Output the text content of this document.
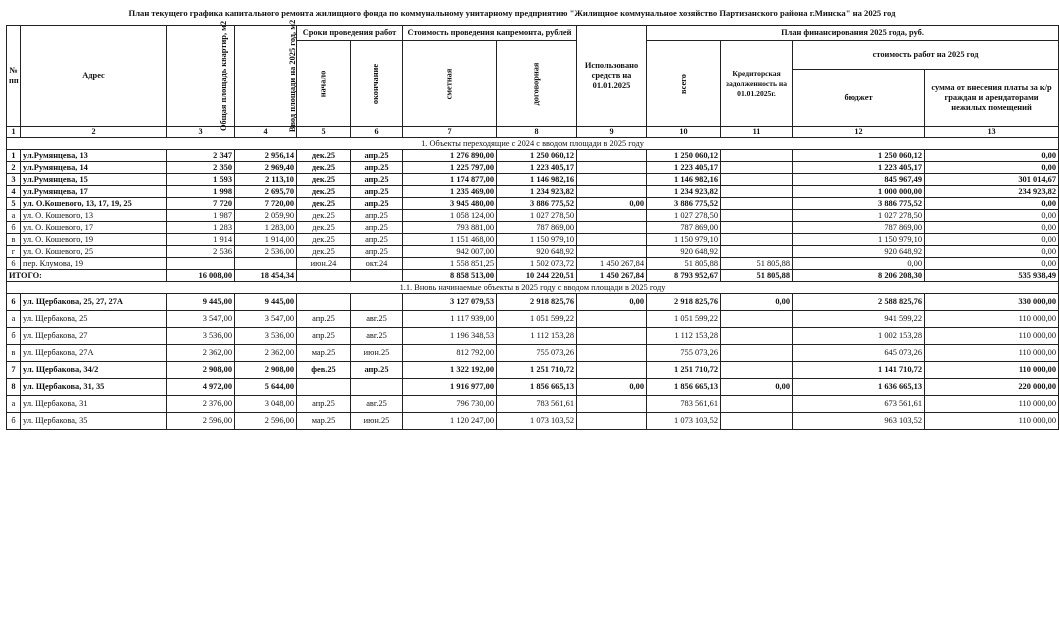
План текущего графика капитального ремонта жилищного фонда по коммунальному унитарному предприятию "Жилищное коммунальное хозяйство Партизанского района г.Минска" на 2025 год
№ пп	Адрес	Общая площадь квартир, м2	Ввод площади на 2025 год, м2	Сроки проведения работ		Стоимость проведения капремонта, рублей		Использовано средств на 01.01.2025	План финансирования 2025 года, руб.			
				начало	окончание	сметная	договорная		всего	Кредиторская задолженность на 01.01.2025г.	стоимость работ на 2025 год	
											бюджет	сумма от внесения платы за к/р граждан и арендаторами нежилых помещений
1	2	3	4	5	6	7	8	9	10	11	12	13
1. Объекты переходящие с 2024 с вводом площади в 2025 году												
1	ул.Румянцева, 13	2 347	2 956,14	дек.25	апр.25	1 276 890,00	1 250 060,12		1 250 060,12		1 250 060,12	0,00
2	ул.Румянцева, 14	2 350	2 969,40	дек.25	апр.25	1 225 797,00	1 223 405,17		1 223 405,17		1 223 405,17	0,00
3	ул.Румянцева, 15	1 593	2 113,10	дек.25	апр.25	1 174 877,00	1 146 982,16		1 146 982,16		845 967,49	301 014,67
4	ул.Румянцева, 17	1 998	2 695,70	дек.25	апр.25	1 235 469,00	1 234 923,82		1 234 923,82		1 000 000,00	234 923,82
5	ул. О.Кошевого, 13, 17, 19, 25	7 720	7 720,00	дек.25	апр.25	3 945 480,00	3 886 775,52	0,00	3 886 775,52		3 886 775,52	0,00
а	ул. О. Кошевого, 13	1 987	2 059,90	дек.25	апр.25	1 058 124,00	1 027 278,50		1 027 278,50		1 027 278,50	0,00
б	ул. О. Кошевого, 17	1 283	1 283,00	дек.25	апр.25	793 881,00	787 869,00		787 869,00		787 869,00	0,00
в	ул. О. Кошевого, 19	1 914	1 914,00	дек.25	апр.25	1 151 468,00	1 150 979,10		1 150 979,10		1 150 979,10	0,00
г	ул. О. Кошевого, 25	2 536	2 536,00	дек.25	апр.25	942 007,00	920 648,92		920 648,92		920 648,92	0,00
6	пер. Клумова, 19			июн.24	окт.24	1 558 851,25	1 502 073,72	1 450 267,84	51 805,88	51 805,88	0,00	0,00
ИТОГО:		16 008,00	18 454,34			8 858 513,00	10 244 220,51	1 450 267,84	8 793 952,67	51 805,88	8 206 208,30	535 938,49
1.1. Вновь начинаемые объекты в 2025 году с вводом площади в 2025 году												
6	ул. Щербакова, 25, 27, 27А	9 445,00	9 445,00			3 127 079,53	2 918 825,76	0,00	2 918 825,76	0,00	2 588 825,76	330 000,00
а	ул. Щербакова, 25	3 547,00	3 547,00	апр.25	авг.25	1 117 939,00	1 051 599,22		1 051 599,22		941 599,22	110 000,00
б	ул. Щербакова, 27	3 536,00	3 536,00	апр.25	авг.25	1 196 348,53	1 112 153,28		1 112 153,28		1 002 153,28	110 000,00
в	ул. Щербакова, 27А	2 362,00	2 362,00	мар.25	июн.25	812 792,00	755 073,26		755 073,26		645 073,26	110 000,00
7	ул. Щербакова, 34/2	2 908,00	2 908,00	фев.25	апр.25	1 322 192,00	1 251 710,72		1 251 710,72		1 141 710,72	110 000,00
8	ул. Щербакова, 31, 35	4 972,00	5 644,00			1 916 977,00	1 856 665,13	0,00	1 856 665,13	0,00	1 636 665,13	220 000,00
а	ул. Щербакова, 31	2 376,00	3 048,00	апр.25	авг.25	796 730,00	783 561,61		783 561,61		673 561,61	110 000,00
б	ул. Щербакова, 35	2 596,00	2 596,00	мар.25	июн.25	1 120 247,00	1 073 103,52		1 073 103,52		963 103,52	110 000,00
